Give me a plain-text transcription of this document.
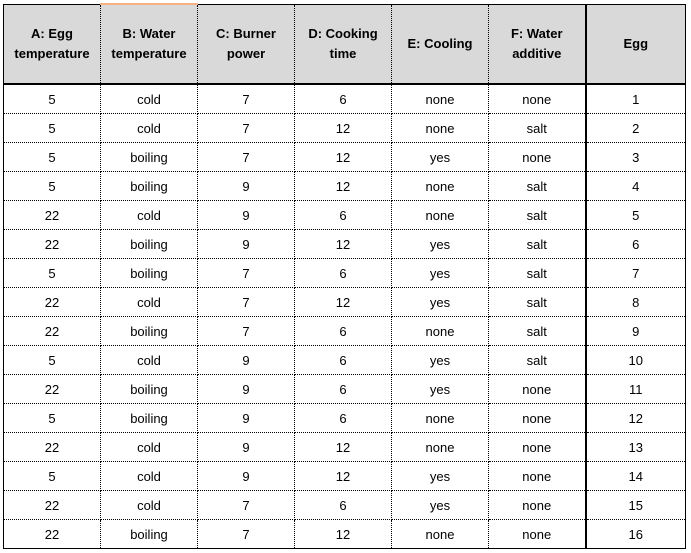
A: Egg temperature	B: Water temperature	C: Burner power	D: Cooking time	E: Cooling	F: Water additive	Egg
5	cold	7	6	none	none	1
5	cold	7	12	none	salt	2
5	boiling	7	12	yes	none	3
5	boiling	9	12	none	salt	4
22	cold	9	6	none	salt	5
22	boiling	9	12	yes	salt	6
5	boiling	7	6	yes	salt	7
22	cold	7	12	yes	salt	8
22	boiling	7	6	none	salt	9
5	cold	9	6	yes	salt	10
22	boiling	9	6	yes	none	11
5	boiling	9	6	none	none	12
22	cold	9	12	none	none	13
5	cold	9	12	yes	none	14
22	cold	7	6	yes	none	15
22	boiling	7	12	none	none	16
